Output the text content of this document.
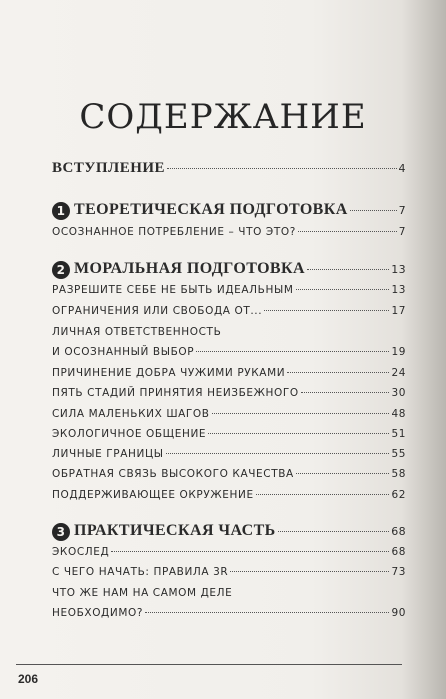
СОДЕРЖАНИЕ
ВСТУПЛЕНИЕ	4
1 ТЕОРЕТИЧЕСКАЯ ПОДГОТОВКА	7
ОСОЗНАННОЕ ПОТРЕБЛЕНИЕ – ЧТО ЭТО?	7
2 МОРАЛЬНАЯ ПОДГОТОВКА	13
РАЗРЕШИТЕ СЕБЕ НЕ БЫТЬ ИДЕАЛЬНЫМ	13
ОГРАНИЧЕНИЯ ИЛИ СВОБОДА ОТ...	17
ЛИЧНАЯ ОТВЕТСТВЕННОСТЬ
И ОСОЗНАННЫЙ ВЫБОР	19
ПРИЧИНЕНИЕ ДОБРА ЧУЖИМИ РУКАМИ	24
ПЯТЬ СТАДИЙ ПРИНЯТИЯ НЕИЗБЕЖНОГО	30
СИЛА МАЛЕНЬКИХ ШАГОВ	48
ЭКОЛОГИЧНОЕ ОБЩЕНИЕ	51
ЛИЧНЫЕ ГРАНИЦЫ	55
ОБРАТНАЯ СВЯЗЬ ВЫСОКОГО КАЧЕСТВА	58
ПОДДЕРЖИВАЮЩЕЕ ОКРУЖЕНИЕ	62
3 ПРАКТИЧЕСКАЯ ЧАСТЬ	68
ЭКОСЛЕД	68
С ЧЕГО НАЧАТЬ: ПРАВИЛА 3R	73
ЧТО ЖЕ НАМ НА САМОМ ДЕЛЕ
НЕОБХОДИМО?	90
206
